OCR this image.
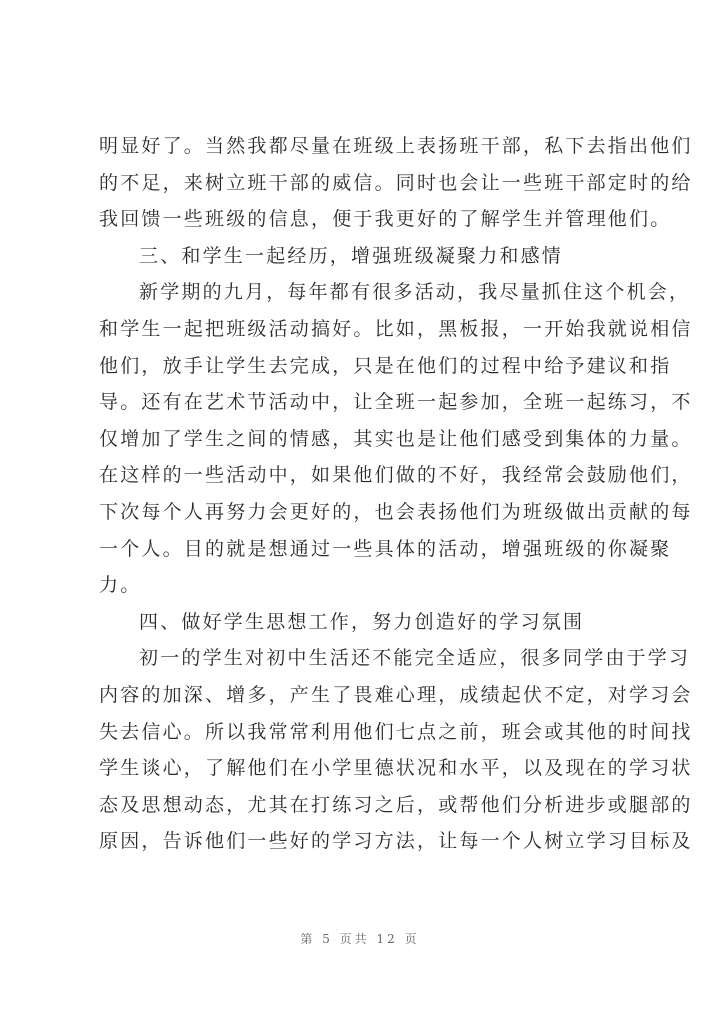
明显好了。当然我都尽量在班级上表扬班干部，私下去指出他们
的不足，来树立班干部的威信。同时也会让一些班干部定时的给
我回馈一些班级的信息，便于我更好的了解学生并管理他们。
三、和学生一起经历，增强班级凝聚力和感情
新学期的九月，每年都有很多活动，我尽量抓住这个机会，
和学生一起把班级活动搞好。比如，黑板报，一开始我就说相信
他们，放手让学生去完成，只是在他们的过程中给予建议和指
导。还有在艺术节活动中，让全班一起参加，全班一起练习，不
仅增加了学生之间的情感，其实也是让他们感受到集体的力量。
在这样的一些活动中，如果他们做的不好，我经常会鼓励他们，
下次每个人再努力会更好的，也会表扬他们为班级做出贡献的每
一个人。目的就是想通过一些具体的活动，增强班级的你凝聚
力。
四、做好学生思想工作，努力创造好的学习氛围
初一的学生对初中生活还不能完全适应，很多同学由于学习
内容的加深、增多，产生了畏难心理，成绩起伏不定，对学习会
失去信心。所以我常常利用他们七点之前，班会或其他的时间找
学生谈心，了解他们在小学里德状况和水平，以及现在的学习状
态及思想动态，尤其在打练习之后，或帮他们分析进步或腿部的
原因，告诉他们一些好的学习方法，让每一个人树立学习目标及
第 5 页共 12 页
